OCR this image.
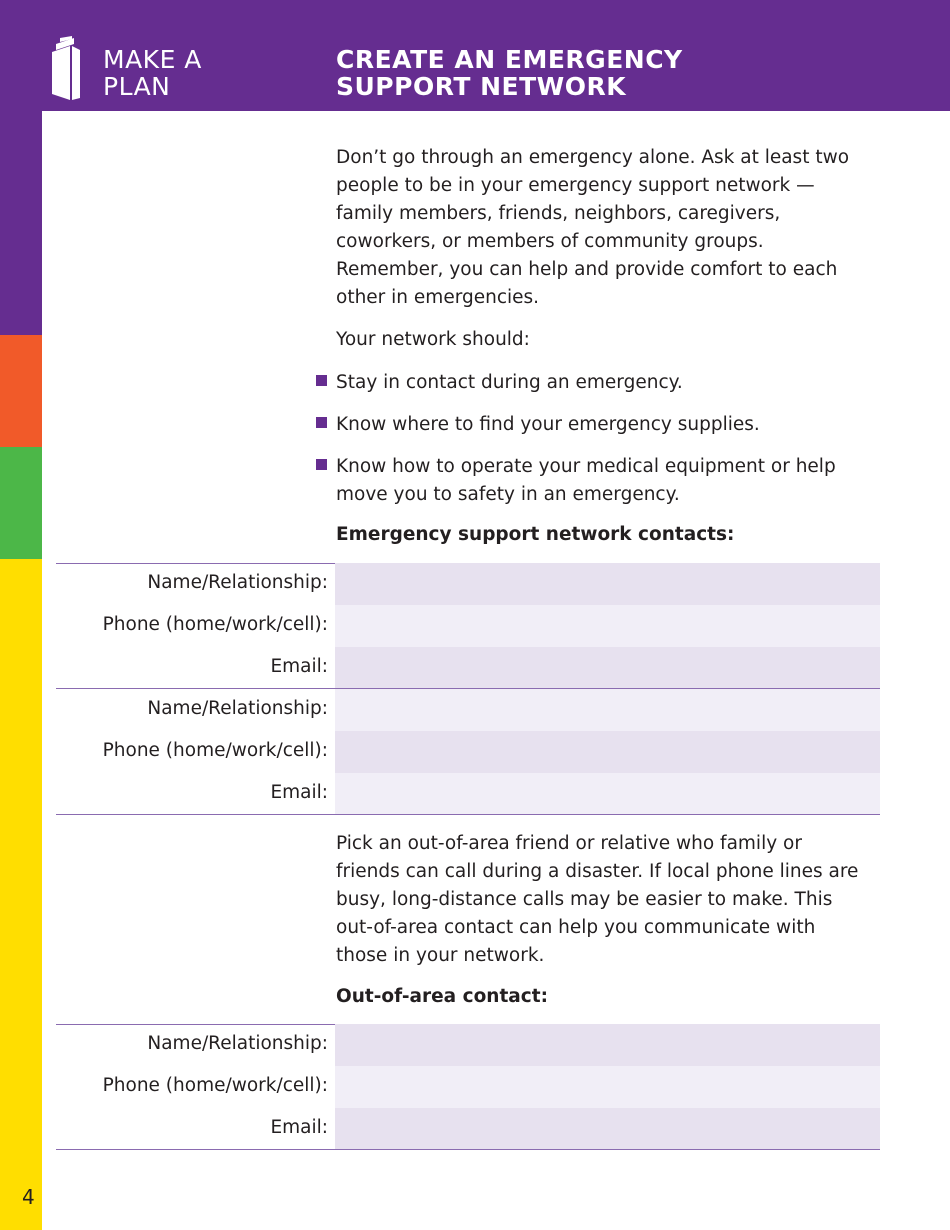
MAKE A
PLAN
CREATE AN EMERGENCY
SUPPORT NETWORK

Don’t go through an emergency alone. Ask at least two people to be in your emergency support network — family members, friends, neighbors, caregivers, coworkers, or members of community groups. Remember, you can help and provide comfort to each other in emergencies.

Your network should:

Stay in contact during an emergency.
Know where to find your emergency supplies.
Know how to operate your medical equipment or help move you to safety in an emergency.
Emergency support network contacts:
Name/Relationship:
Phone (home/work/cell):
Email:
Name/Relationship:
Phone (home/work/cell):
Email:

Pick an out-of-area friend or relative who family or friends can call during a disaster. If local phone lines are busy, long-distance calls may be easier to make. This out-of-area contact can help you communicate with those in your network.

Out-of-area contact:
Name/Relationship:
Phone (home/work/cell):
Email:
4
